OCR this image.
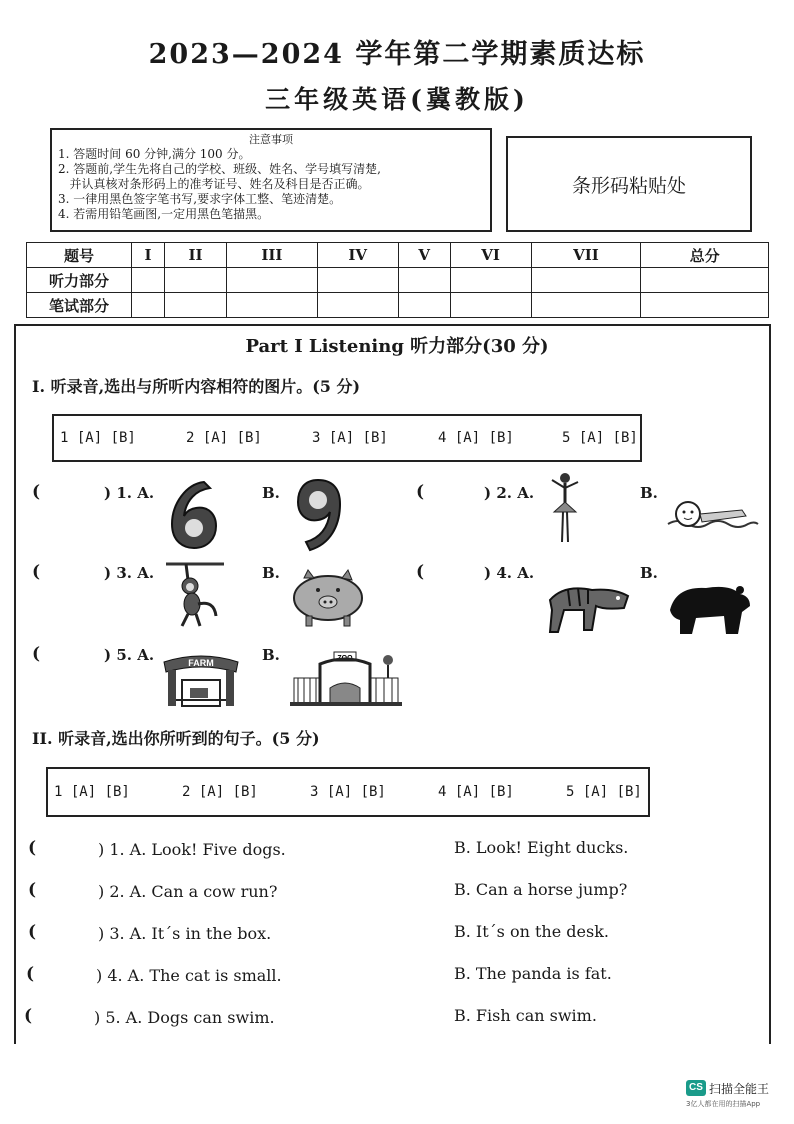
2023—2024 学年第二学期素质达标
三年级英语(冀教版)
注意事项
1. 答题时间 60 分钟,满分 100 分。
2. 答题前,学生先将自己的学校、班级、姓名、学号填写清楚,
并认真核对条形码上的准考证号、姓名及科目是否正确。
3. 一律用黑色签字笔书写,要求字体工整、笔迹清楚。
4. 若需用铅笔画图,一定用黑色笔描黑。
条形码粘贴处
题号	I	II	III	IV	V	VI	VII	总分
听力部分								
笔试部分								
Part I Listening 听力部分(30 分)
I. 听录音,选出与所听内容相符的图片。(5 分)
1 [A] [B]	2 [A] [B]	3 [A] [B]	4 [A] [B]	5 [A] [B]
(	) 1. A.	B.	(	) 2. A.	B.
(	) 3. A.	B.	(	) 4. A.	B.
(	) 5. A.	FARM	B.	ZOO
II. 听录音,选出你所听到的句子。(5 分)
1 [A] [B]	2 [A] [B]	3 [A] [B]	4 [A] [B]	5 [A] [B]
(	) 1. A. Look! Five dogs.	B. Look! Eight ducks.
(	) 2. A. Can a cow run?	B. Can a horse jump?
(	) 3. A. It´s in the box.	B. It´s on the desk.
(	) 4. A. The cat is small.	B. The panda is fat.
(	) 5. A. Dogs can swim.	B. Fish can swim.
CS 扫描全能王
3亿人都在用的扫描App
